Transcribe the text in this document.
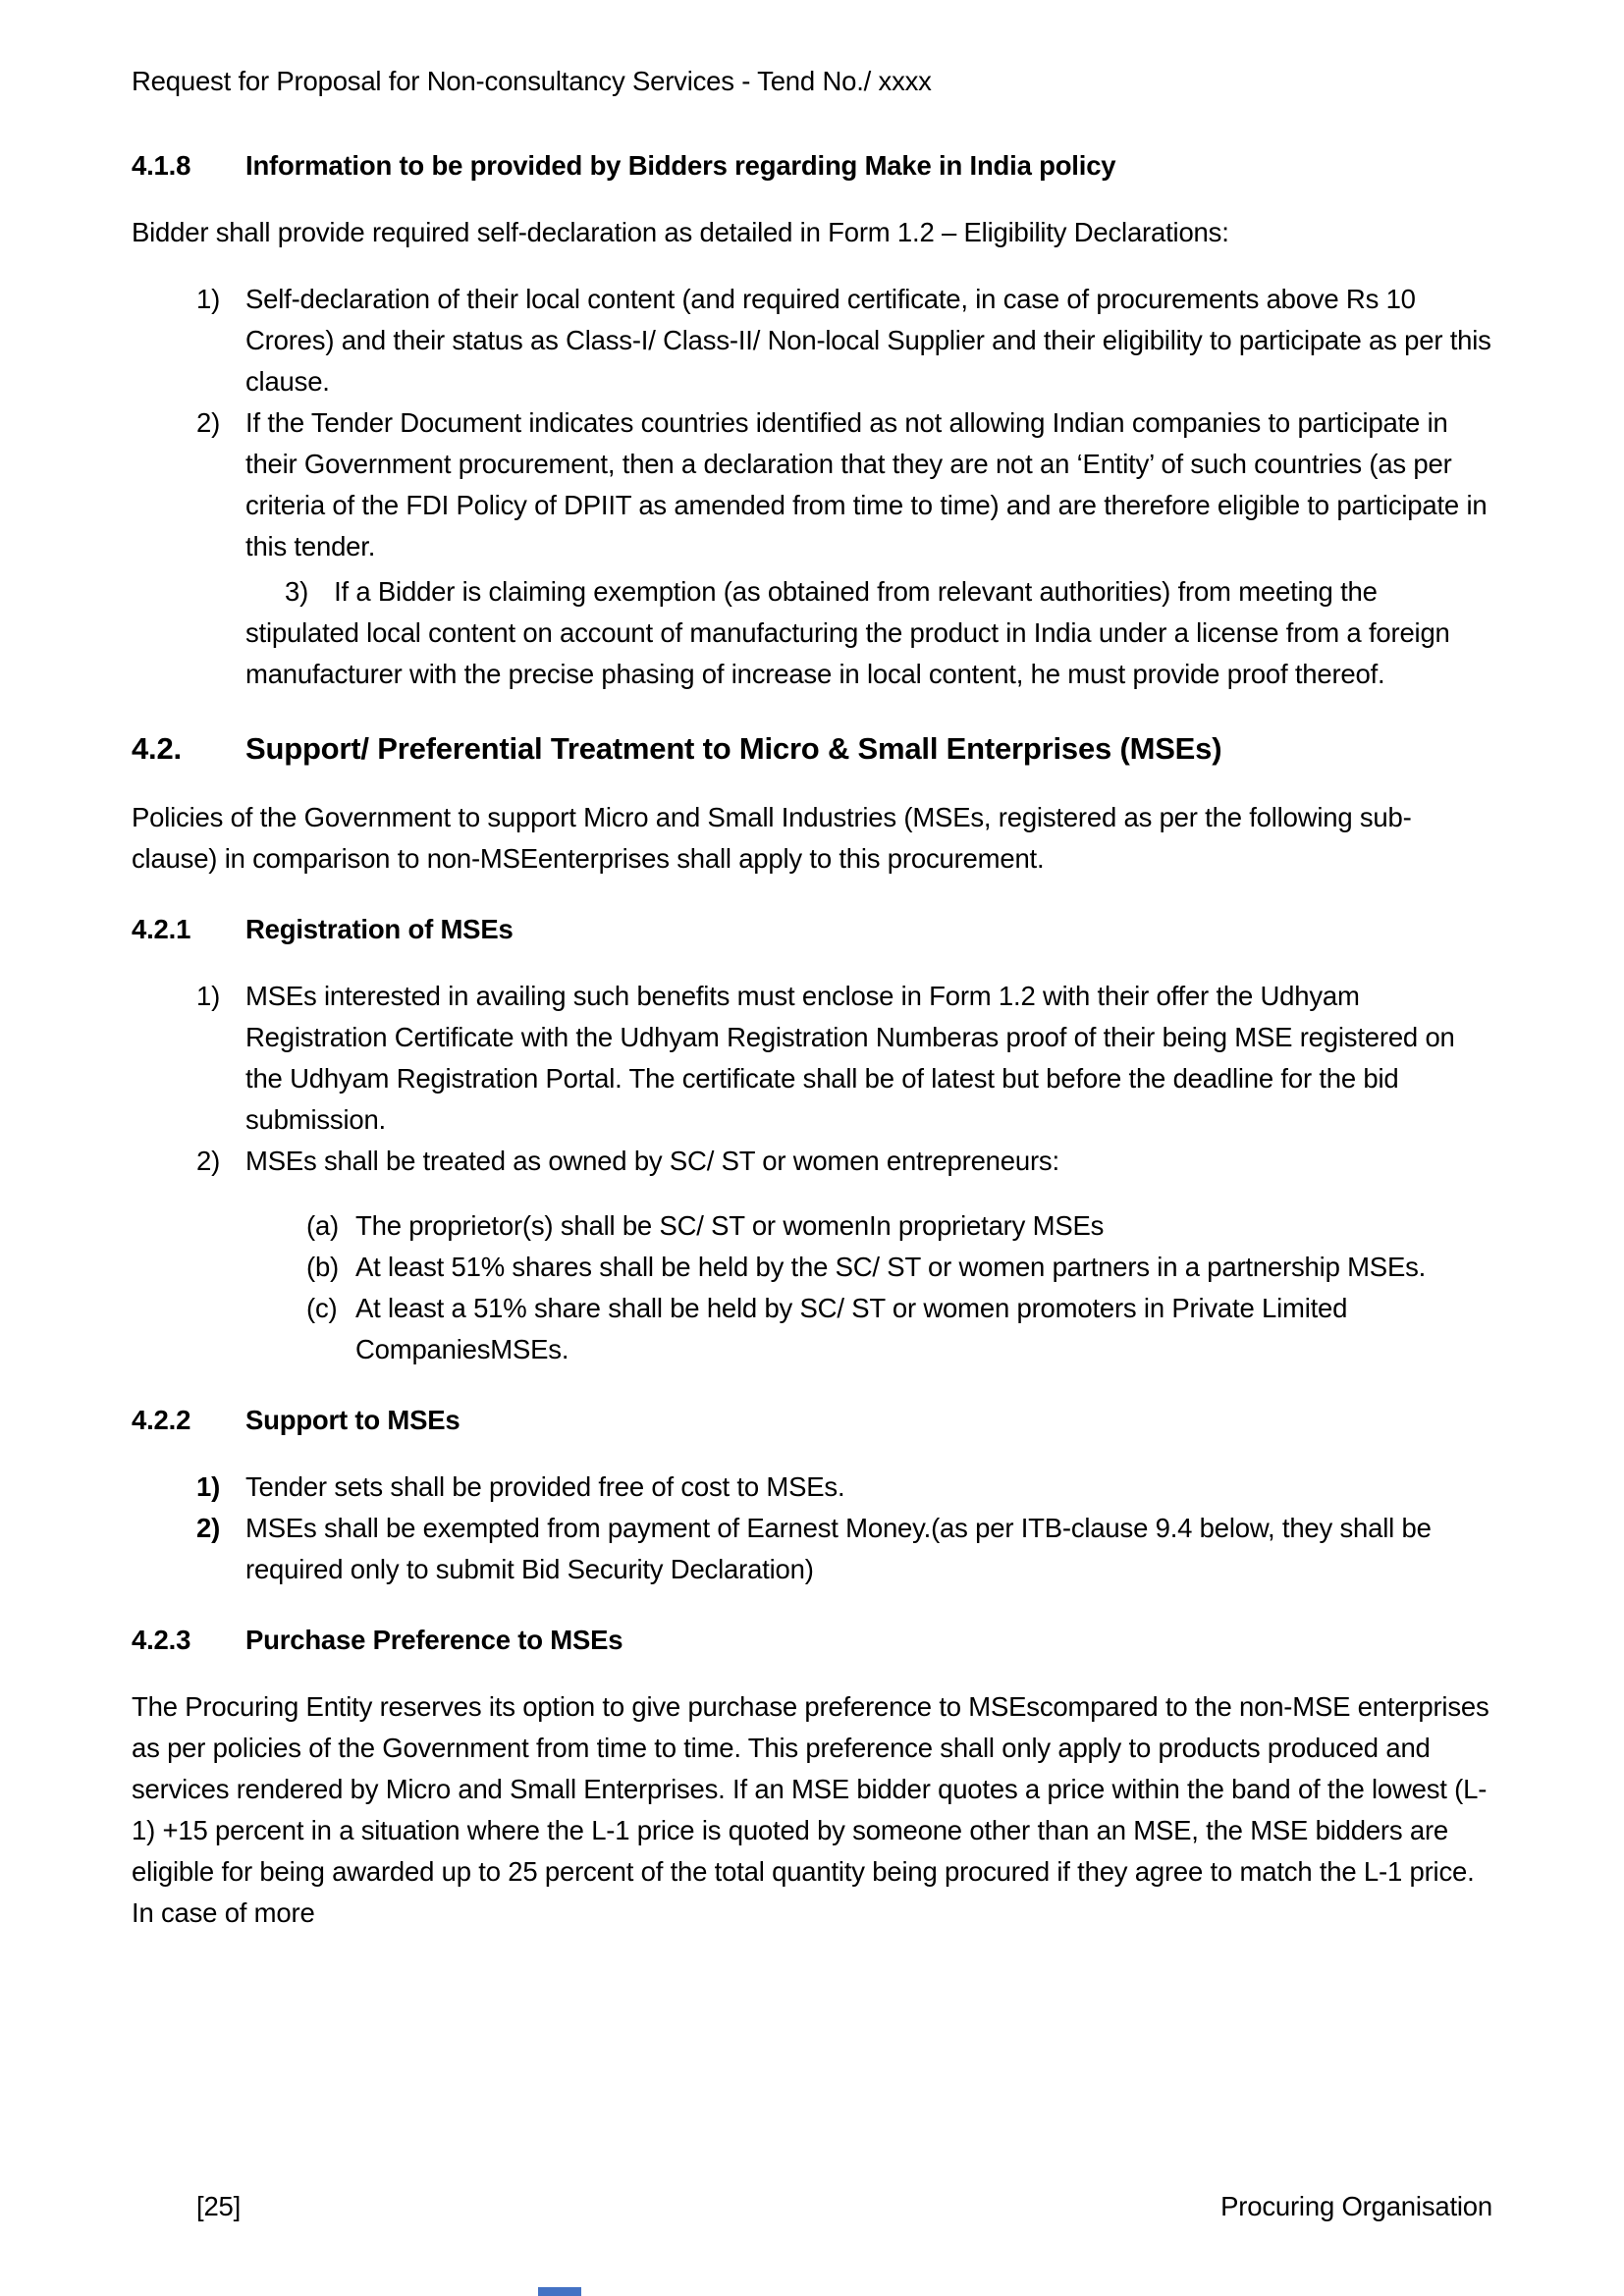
Request for Proposal for Non-consultancy Services - Tend No./ xxxx
4.1.8	Information to be provided by Bidders regarding Make in India policy

Bidder shall provide required self-declaration as detailed in Form 1.2 – Eligibility Declarations:

1) Self-declaration of their local content (and required certificate, in case of procurements above Rs 10 Crores) and their status as Class-I/ Class-II/ Non-local Supplier and their eligibility to participate as per this clause.
2) If the Tender Document indicates countries identified as not allowing Indian companies to participate in their Government procurement, then a declaration that they are not an ‘Entity’ of such countries (as per criteria of the FDI Policy of DPIIT as amended from time to time) and are therefore eligible to participate in this tender.
3) If a Bidder is claiming exemption (as obtained from relevant authorities) from meeting the stipulated local content on account of manufacturing the product in India under a license from a foreign manufacturer with the precise phasing of increase in local content, he must provide proof thereof.
4.2.	Support/ Preferential Treatment to Micro & Small Enterprises (MSEs)

Policies of the Government to support Micro and Small Industries (MSEs, registered as per the following sub-clause) in comparison to non-MSEenterprises shall apply to this procurement.

4.2.1	Registration of MSEs
1) MSEs interested in availing such benefits must enclose in Form 1.2 with their offer the Udhyam Registration Certificate with the Udhyam Registration Numberas proof of their being MSE registered on the Udhyam Registration Portal. The certificate shall be of latest but before the deadline for the bid submission.
2) MSEs shall be treated as owned by SC/ ST or women entrepreneurs:
(a) The proprietor(s) shall be SC/ ST or womenIn proprietary MSEs
(b) At least 51% shares shall be held by the SC/ ST or women partners in a partnership MSEs.
(c) At least a 51% share shall be held by SC/ ST or women promoters in Private Limited CompaniesMSEs.
4.2.2	Support to MSEs
1) Tender sets shall be provided free of cost to MSEs.
2) MSEs shall be exempted from payment of Earnest Money.(as per ITB-clause 9.4 below, they shall be required only to submit Bid Security Declaration)
4.2.3	Purchase Preference to MSEs

The Procuring Entity reserves its option to give purchase preference to MSEscompared to the non-MSE enterprises as per policies of the Government from time to time. This preference shall only apply to products produced and services rendered by Micro and Small Enterprises. If an MSE bidder quotes a price within the band of the lowest (L-1) +15 percent in a situation where the L-1 price is quoted by someone other than an MSE, the MSE bidders are eligible for being awarded up to 25 percent of the total quantity being procured if they agree to match the L-1 price. In case of more

[25]	Procuring Organisation
